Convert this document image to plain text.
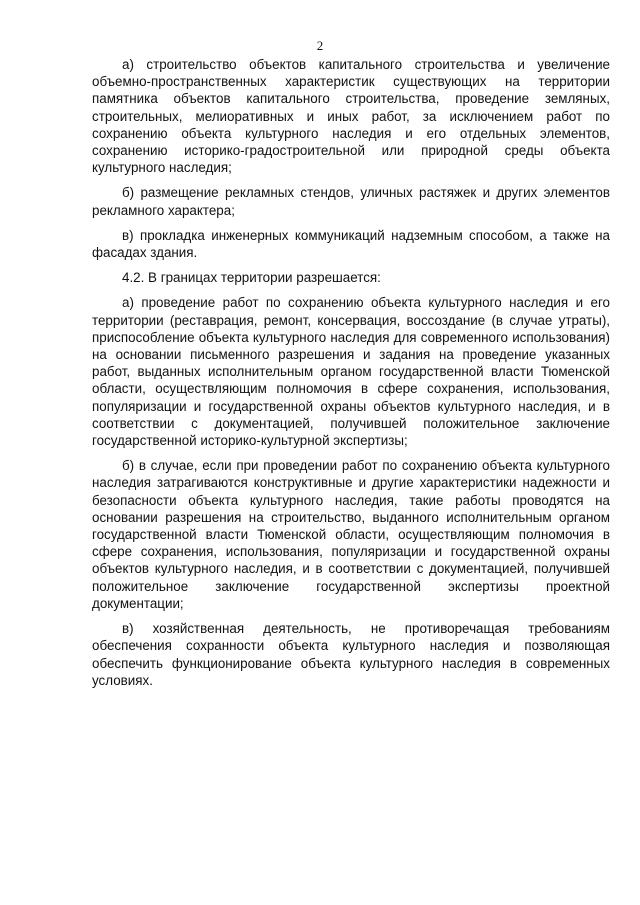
2

а) строительство объектов капитального строительства и увеличение объемно-пространственных характеристик существующих на территории памятника объектов капитального строительства, проведение земляных, строительных, мелиоративных и иных работ, за исключением работ по сохранению объекта культурного наследия и его отдельных элементов, сохранению историко-градостроительной или природной среды объекта культурного наследия;

б) размещение рекламных стендов, уличных растяжек и других элементов рекламного характера;

в) прокладка инженерных коммуникаций надземным способом, а также на фасадах здания.

4.2. В границах территории разрешается:

а) проведение работ по сохранению объекта культурного наследия и его территории (реставрация, ремонт, консервация, воссоздание (в случае утраты), приспособление объекта культурного наследия для современного использования) на основании письменного разрешения и задания на проведение указанных работ, выданных исполнительным органом государственной власти Тюменской области, осуществляющим полномочия в сфере сохранения, использования, популяризации и государственной охраны объектов культурного наследия, и в соответствии с документацией, получившей положительное заключение государственной историко-культурной экспертизы;

б) в случае, если при проведении работ по сохранению объекта культурного наследия затрагиваются конструктивные и другие характеристики надежности и безопасности объекта культурного наследия, такие работы проводятся на основании разрешения на строительство, выданного исполнительным органом государственной власти Тюменской области, осуществляющим полномочия в сфере сохранения, использования, популяризации и государственной охраны объектов культурного наследия, и в соответствии с документацией, получившей положительное заключение государственной экспертизы проектной документации;

в) хозяйственная деятельность, не противоречащая требованиям обеспечения сохранности объекта культурного наследия и позволяющая обеспечить функционирование объекта культурного наследия в современных условиях.
